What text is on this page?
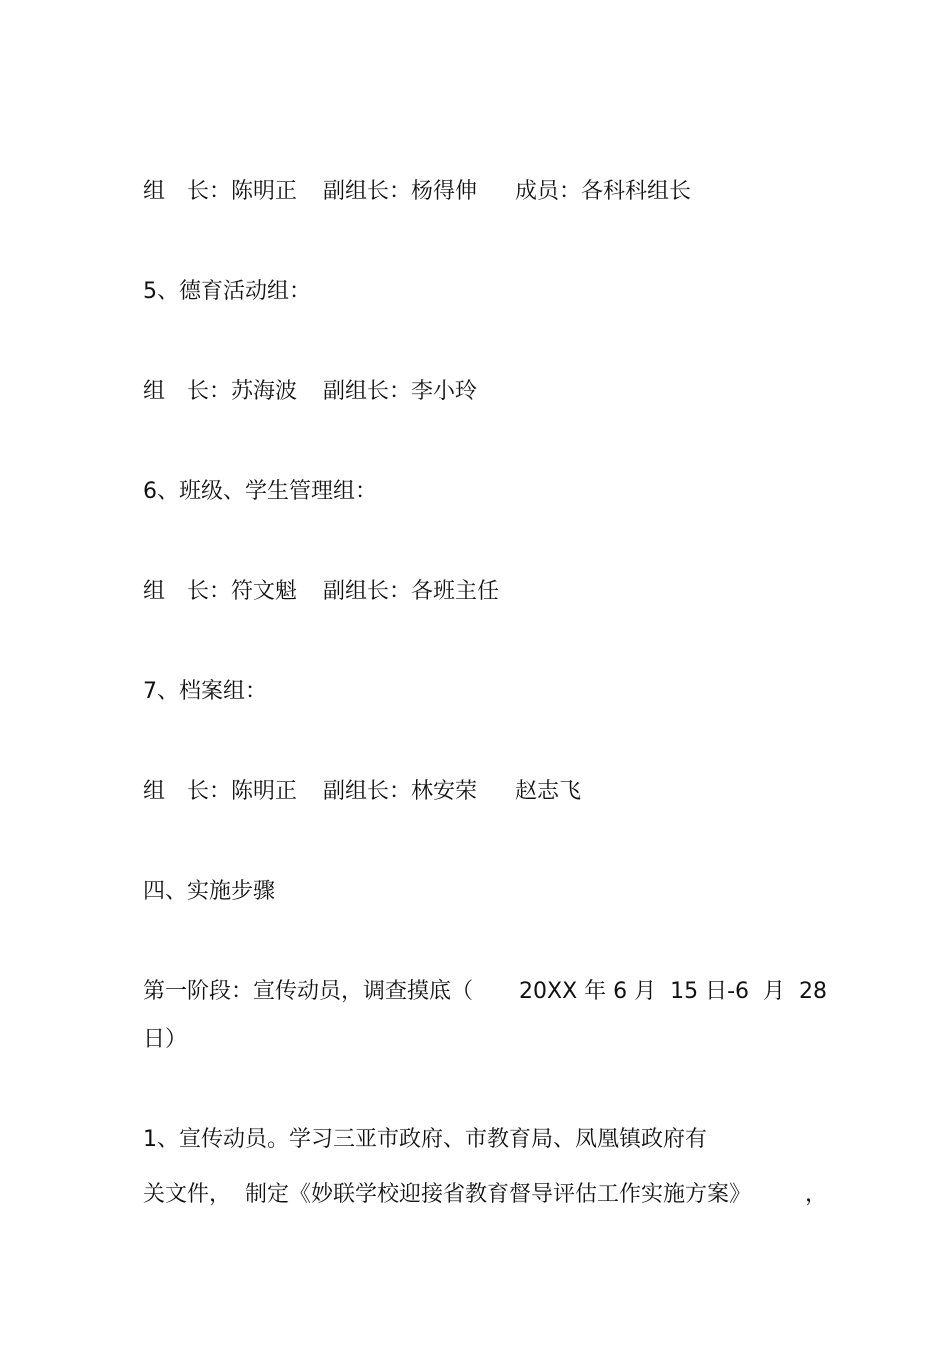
组　长：陈明正

副组长：杨得伸

成员：各科科组长

5、德育活动组：

组　长：苏海波

副组长：李小玲

6、班级、学生管理组：

组　长：符文魁

副组长：各班主任

7、档案组：

组　长：陈明正

副组长：林安荣

赵志飞

四、实施步骤

第一阶段：宣传动员，调查摸底（

20XX 年 6 月  15 日-6  月  28

日）

1、宣传动员。学习三亚市政府、市教育局、凤凰镇政府有

关文件，  制定《妙联学校迎接省教育督导评估工作实施方案》

，
